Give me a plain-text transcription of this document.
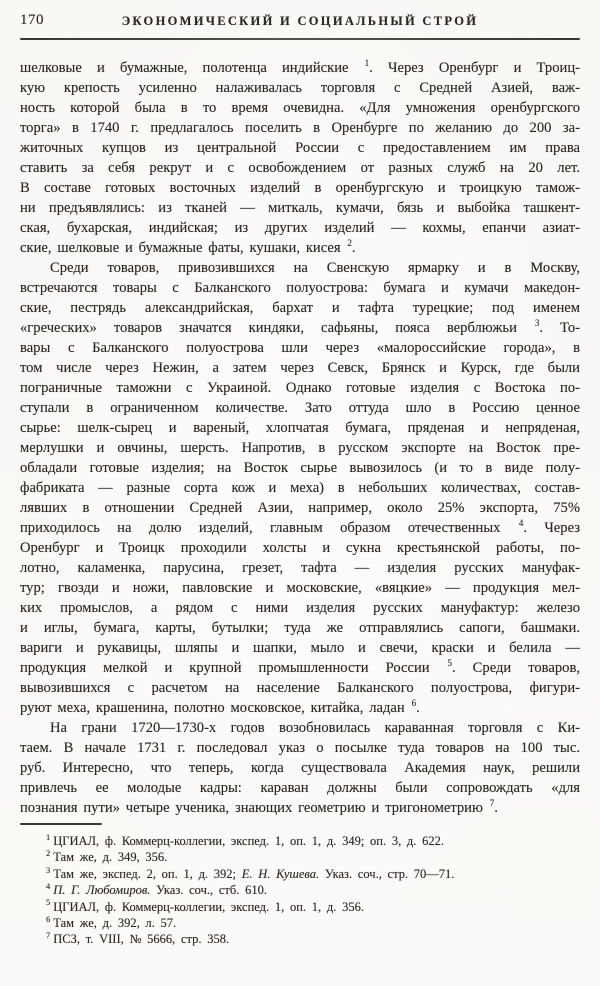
170	ЭКОНОМИЧЕСКИЙ И СОЦИАЛЬНЫЙ СТРОЙ
шелковые и бумажные, полотенца индийские $^1$. Через Оренбург и Троиц-
кую крепость усиленно налаживалась торговля с Средней Азией, важ-
ность которой была в то время очевидна. «Для умножения оренбургского
торга» в 1740 г. предлагалось поселить в Оренбурге по желанию до 200 за-
житочных купцов из центральной России с предоставлением им права
ставить за себя рекрут и с освобождением от разных служб на 20 лет.
В составе готовых восточных изделий в оренбургскую и троицкую тамож-
ни предъявлялись: из тканей — миткаль, кумачи, бязь и выбойка ташкент-
ская, бухарская, индийская; из других изделий — кохмы, епанчи азиат-
ские, шелковые и бумажные фаты, кушаки, кисея $^2$.
Среди товаров, привозившихся на Свенскую ярмарку и в Москву,
встречаются товары с Балканского полуострова: бумага и кумачи македон-
ские, пестрядь александрийская, бархат и тафта турецкие; под именем
«греческих» товаров значатся киндяки, сафьяны, пояса верблюжьи $^3$. То-
вары с Балканского полуострова шли через «малороссийские города», в
том числе через Нежин, а затем через Севск, Брянск и Курск, где были
пограничные таможни с Украиной. Однако готовые изделия с Востока по-
ступали в ограниченном количестве. Зато оттуда шло в Россию ценное
сырье: шелк-сырец и вареный, хлопчатая бумага, пряденая и непряденая,
мерлушки и овчины, шерсть. Напротив, в русском экспорте на Восток пре-
обладали готовые изделия; на Восток сырье вывозилось (и то в виде полу-
фабриката — разные сорта кож и меха) в небольших количествах, состав-
лявших в отношении Средней Азии, например, около 25% экспорта, 75%
приходилось на долю изделий, главным образом отечественных $^4$. Через
Оренбург и Троицк проходили холсты и сукна крестьянской работы, по-
лотно, каламенка, парусина, грезет, тафта — изделия русских мануфак-
тур; гвозди и ножи, павловские и московские, «вяцкие» — продукция мел-
ких промыслов, а рядом с ними изделия русских мануфактур: железо
и иглы, бумага, карты, бутылки; туда же отправлялись сапоги, башмаки.
вариги и рукавицы, шляпы и шапки, мыло и свечи, краски и белила —
продукция мелкой и крупной промышленности России $^5$. Среди товаров,
вывозившихся с расчетом на население Балканского полуострова, фигури-
руют меха, крашенина, полотно московское, китайка, ладан $^6$.
На грани 1720—1730-х годов возобновилась караванная торговля с Ки-
таем. В начале 1731 г. последовал указ о посылке туда товаров на 100 тыс.
руб. Интересно, что теперь, когда существовала Академия наук, решили
привлечь ее молодые кадры: караван должны были сопровождать «для
познания пути» четыре ученика, знающих геометрию и тригонометрию $^7$.
$^1$ ЦГИАЛ, ф. Коммерц-коллегии, экспед. 1, оп. 1, д. 349; оп. 3, д. 622.
$^2$ Там же, д. 349, 356.
$^3$ Там же, экспед. 2, оп. 1, д. 392; Е. Н. Кушева. Указ. соч., стр. 70—71.
$^4$ П. Г. Любомиров. Указ. соч., стб. 610.
$^5$ ЦГИАЛ, ф. Коммерц-коллегии, экспед. 1, оп. 1, д. 356.
$^6$ Там же, д. 392, л. 57.
$^7$ ПСЗ, т. VIII, № 5666, стр. 358.
